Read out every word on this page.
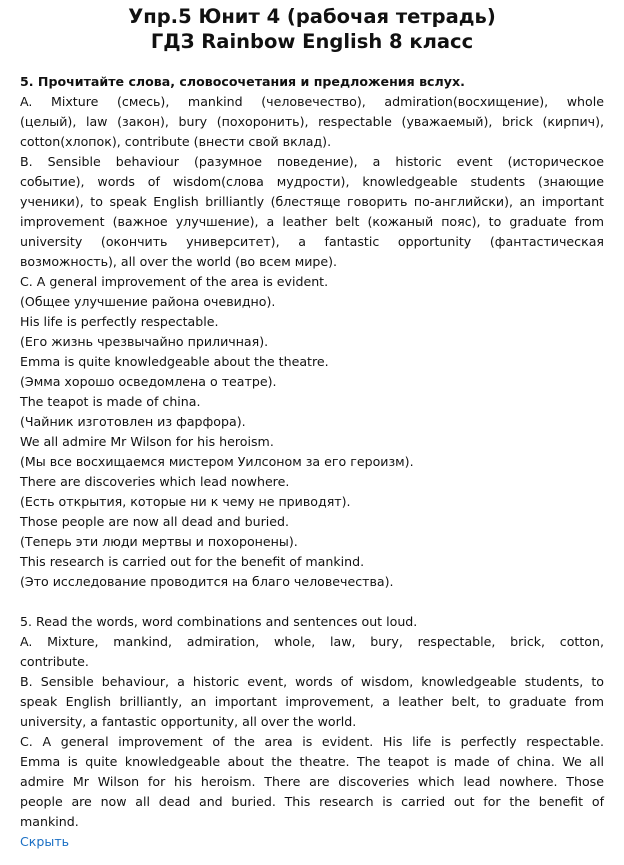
Упр.5 Юнит 4 (рабочая тетрадь)
ГДЗ Rainbow English 8 класс
5. Прочитайте слова, словосочетания и предложения вслух.
A. Mixture (смесь), mankind (человечество), admiration(восхищение), whole
(целый), law (закон), bury (похоронить), respectable (уважаемый), brick (кирпич),
cotton(хлопок), contribute (внести свой вклад).
B. Sensible behaviour (разумное поведение), a historic event (историческое
событие), words of wisdom(слова мудрости), knowledgeable students (знающие
ученики), to speak English brilliantly (блестяще говорить по-английски), an important
improvement (важное улучшение), a leather belt (кожаный пояс), to graduate from
university (окончить университет), a fantastic opportunity (фантастическая
возможность), all over the world (во всем мире).
C. A general improvement of the area is evident.
(Общее улучшение района очевидно).
His life is perfectly respectable.
(Его жизнь чрезвычайно приличная).
Emma is quite knowledgeable about the theatre.
(Эмма хорошо осведомлена о театре).
The teapot is made of china.
(Чайник изготовлен из фарфора).
We all admire Mr Wilson for his heroism.
(Мы все восхищаемся мистером Уилсоном за его героизм).
There are discoveries which lead nowhere.
(Есть открытия, которые ни к чему не приводят).
Those people are now all dead and buried.
(Теперь эти люди мертвы и похоронены).
This research is carried out for the benefit of mankind.
(Это исследование проводится на благо человечества).
5. Read the words, word combinations and sentences out loud.
A. Mixture, mankind, admiration, whole, law, bury, respectable, brick, cotton,
contribute.
B. Sensible behaviour, a historic event, words of wisdom, knowledgeable students, to
speak English brilliantly, an important improvement, a leather belt, to graduate from
university, a fantastic opportunity, all over the world.
C. A general improvement of the area is evident. His life is perfectly respectable.
Emma is quite knowledgeable about the theatre. The teapot is made of china. We all
admire Mr Wilson for his heroism. There are discoveries which lead nowhere. Those
people are now all dead and buried. This research is carried out for the benefit of
mankind.
Скрыть
